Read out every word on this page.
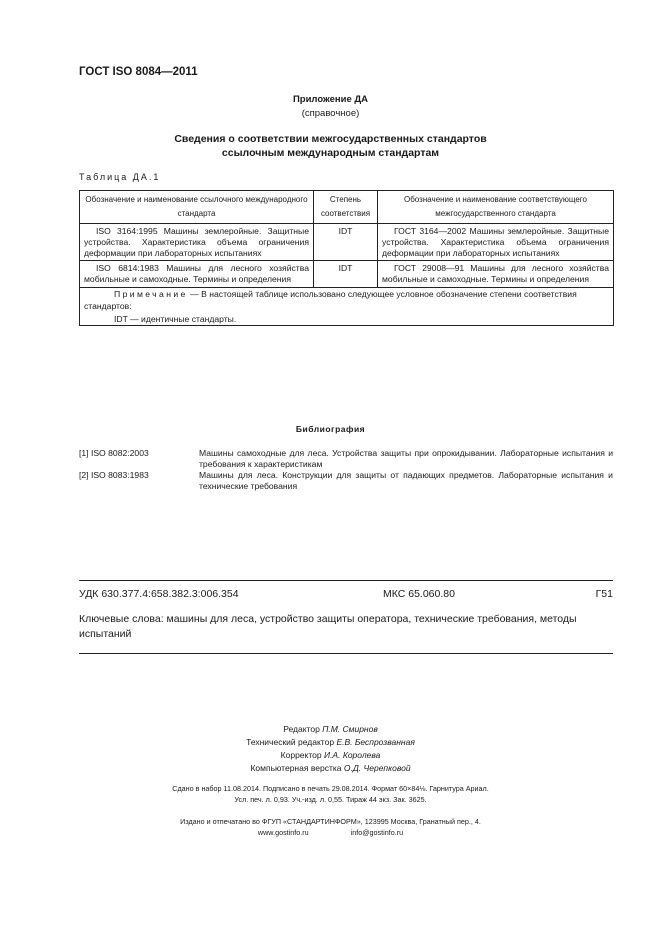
ГОСТ ISO 8084—2011
Приложение ДА
(справочное)
Сведения о соответствии межгосударственных стандартов
ссылочным международным стандартам
Таблица ДА.1
Обозначение и наименование ссылочного международного стандарта	Степень соответствия	Обозначение и наименование соответствующего межгосударственного стандарта
ISO 3164:1995 Машины землеройные. Защитные устройства. Характеристика объема ограничения деформации при лабораторных испытаниях	IDT	ГОСТ 3164—2002 Машины землеройные. Защитные устройства. Характеристика объема ограничения деформации при лабораторных испытаниях
ISO 6814:1983 Машины для лесного хозяйства мобильные и самоходные. Термины и определения	IDT	ГОСТ 29008—91 Машины для лесного хозяйства мобильные и самоходные. Термины и определения

Примечание — В настоящей таблице использовано следующее условное обозначение степени соответствия стандартов:
IDT — идентичные стандарты.		
Библиография
[1] ISO 8082:2003	Машины самоходные для леса. Устройства защиты при опрокидывании. Лабораторные испытания и требования к характеристикам
[2] ISO 8083:1983	Машины для леса. Конструкции для защиты от падающих предметов. Лабораторные испытания и технические требования
УДК 630.377.4:658.382.3:006.354	МКС 65.060.80	Г51
Ключевые слова: машины для леса, устройство защиты оператора, технические требования, методы испытаний
Редактор П.М. Смирнов
Технический редактор Е.В. Беспрозванная
Корректор И.А. Королева
Компьютерная верстка О.Д. Черепковой
Сдано в набор 11.08.2014. Подписано в печать 29.08.2014. Формат 60×84⅛. Гарнитура Ариал.
Усл. печ. л. 0,93. Уч.-изд. л. 0,55. Тираж 44 экз. Зак. 3625.
Издано и отпечатано во ФГУП «СТАНДАРТИНФОРМ», 123995 Москва, Гранатный пер., 4.
www.gostinfo.ru	info@gostinfo.ru
